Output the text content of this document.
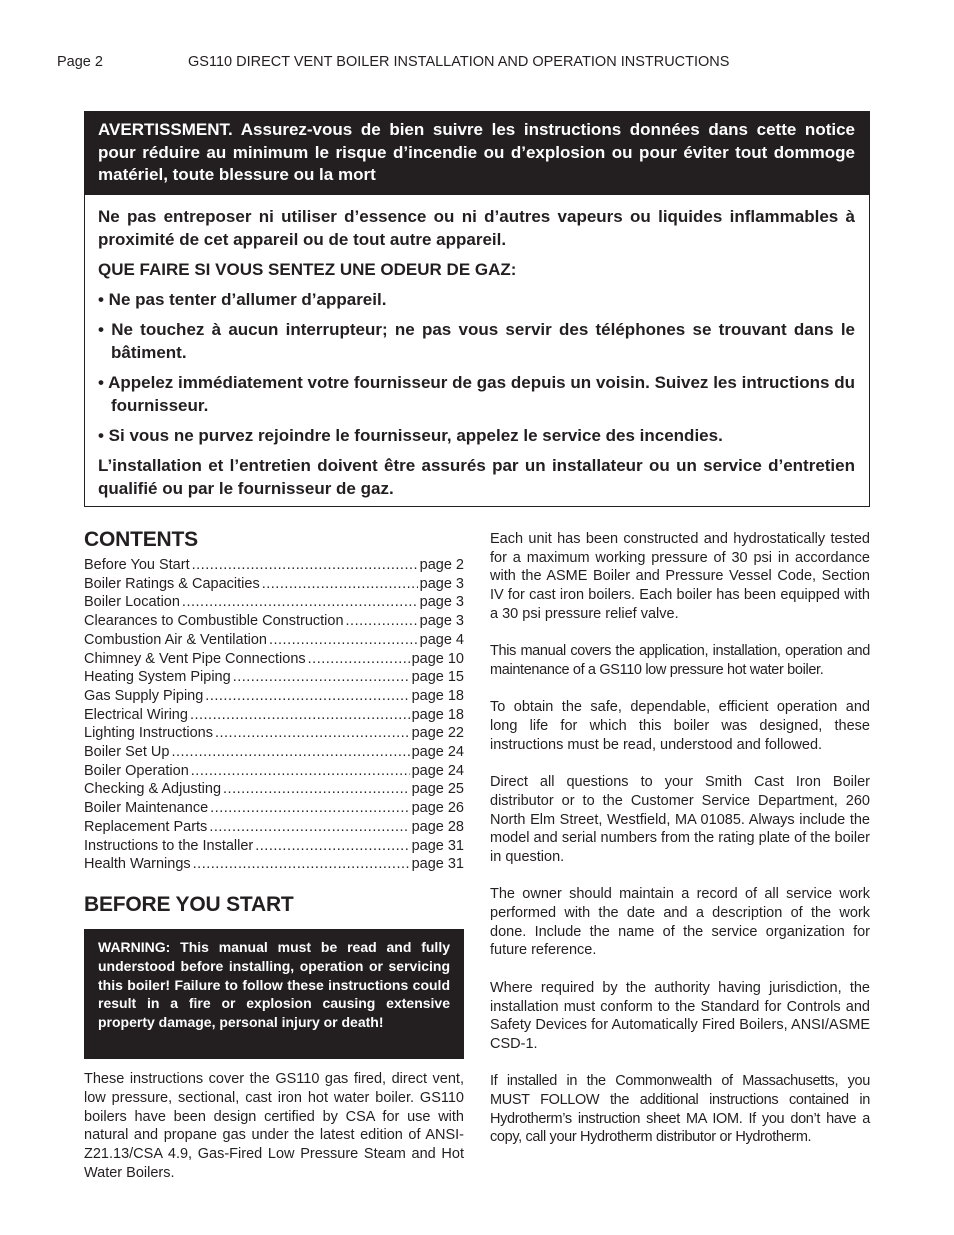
Page 2	GS110 DIRECT VENT BOILER INSTALLATION AND OPERATION INSTRUCTIONS
AVERTISSMENT. Assurez-vous de bien suivre les instructions données dans cette notice pour réduire au minimum le risque d’incendie ou d’explosion ou pour éviter tout dommoge matériel, toute blessure ou la mort

Ne pas entreposer ni utiliser d’essence ou ni d’autres vapeurs ou liquides inflammables à proximité de cet appareil ou de tout autre appareil.

QUE FAIRE SI VOUS SENTEZ UNE ODEUR DE GAZ:

• Ne pas tenter d’allumer d’appareil.

• Ne touchez à aucun interrupteur; ne pas vous servir des téléphones se trouvant dans le bâtiment.

• Appelez immédiatement votre fournisseur de gas depuis un voisin. Suivez les intructions du fournisseur.

• Si vous ne purvez rejoindre le fournisseur, appelez le service des incendies.

L’installation et l’entretien doivent être assurés par un installateur ou un service d’entretien qualifié ou par le fournisseur de gaz.

CONTENTS
Before You Start .....	page 2
Boiler Ratings & Capacities .....	page 3
Boiler Location .....	page 3
Clearances to Combustible Construction .....	page 3
Combustion Air & Ventilation .....	page 4
Chimney & Vent Pipe Connections .....	page 10
Heating System Piping .....	page 15
Gas Supply Piping .....	page 18
Electrical Wiring .....	page 18
Lighting Instructions .....	page 22
Boiler Set Up .....	page 24
Boiler Operation .....	page 24
Checking & Adjusting .....	page 25
Boiler Maintenance .....	page 26
Replacement Parts .....	page 28
Instructions to the Installer .....	page 31
Health Warnings .....	page 31
BEFORE YOU START
WARNING: This manual must be read and fully understood before installing, operation or servicing this boiler! Failure to follow these instructions could result in a fire or explosion causing extensive property damage, personal injury or death!
These instructions cover the GS110 gas fired, direct vent, low pressure, sectional, cast iron hot water boiler. GS110 boilers have been design certified by CSA for use with natural and propane gas under the latest edition of ANSI-Z21.13/CSA 4.9, Gas-Fired Low Pressure Steam and Hot Water Boilers.

Each unit has been constructed and hydrostatically tested for a maximum working pressure of 30 psi in accordance with the ASME Boiler and Pressure Vessel Code, Section IV for cast iron boilers. Each boiler has been equipped with a 30 psi pressure relief valve.

This manual covers the application, installation, operation and maintenance of a GS110 low pressure hot water boiler.

To obtain the safe, dependable, efficient operation and long life for which this boiler was designed, these instructions must be read, understood and followed.

Direct all questions to your Smith Cast Iron Boiler distributor or to the Customer Service Department, 260 North Elm Street, Westfield, MA 01085. Always include the model and serial numbers from the rating plate of the boiler in question.

The owner should maintain a record of all service work performed with the date and a description of the work done. Include the name of the service organization for future reference.

Where required by the authority having jurisdiction, the installation must conform to the Standard for Controls and Safety Devices for Automatically Fired Boilers, ANSI/ASME CSD-1.

If installed in the Commonwealth of Massachusetts, you MUST FOLLOW the additional instructions contained in Hydrotherm’s instruction sheet MA IOM. If you don’t have a copy, call your Hydrotherm distributor or Hydrotherm.
